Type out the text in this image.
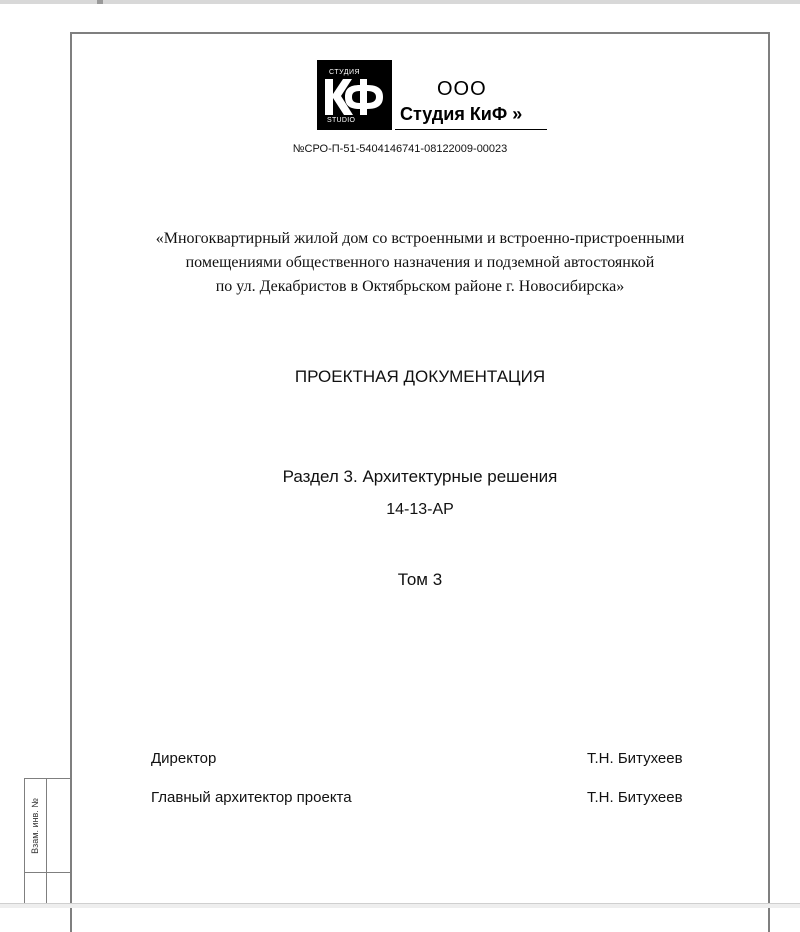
Взам. инв. №
СТУДИЯ
STUDIO
«
ООО
Студия КиФ »
№СРО-П-51-5404146741-08122009-00023
«Многоквартирный жилой дом со встроенными и встроенно-пристроенными
помещениями общественного назначения и подземной автостоянкой
по ул. Декабристов в Октябрьском районе г. Новосибирска»
ПРОЕКТНАЯ ДОКУМЕНТАЦИЯ
Раздел 3. Архитектурные решения
14-13-АР
Том 3
Директор	Т.Н. Битухеев
Главный архитектор проекта	Т.Н. Битухеев
